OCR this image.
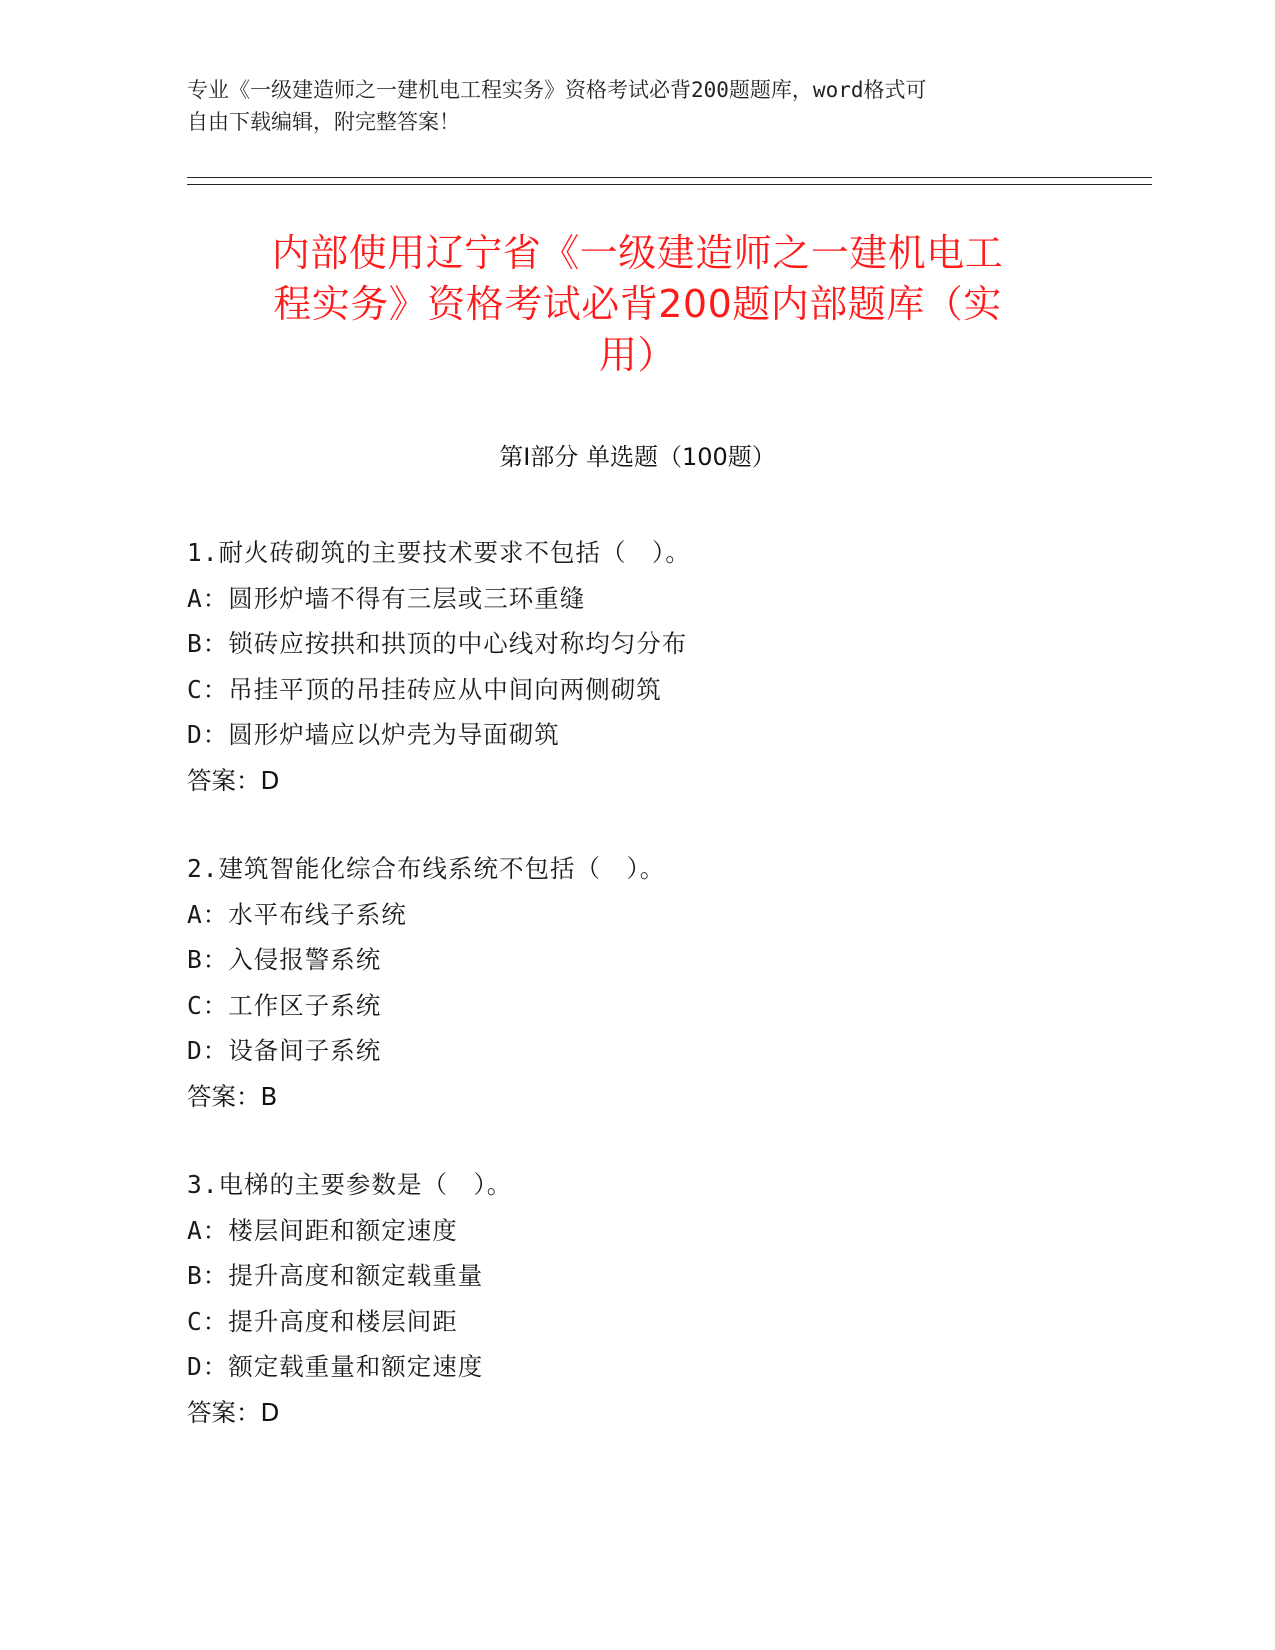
专业《一级建造师之一建机电工程实务》资格考试必背200题题库，word格式可
自由下载编辑，附完整答案！
内部使用辽宁省《一级建造师之一建机电工
程实务》资格考试必背200题内部题库（实
用）
第Ⅰ部分 单选题（100题）
1.耐火砖砌筑的主要技术要求不包括（　）。
A：圆形炉墙不得有三层或三环重缝
B：锁砖应按拱和拱顶的中心线对称均匀分布
C：吊挂平顶的吊挂砖应从中间向两侧砌筑
D：圆形炉墙应以炉壳为导面砌筑
答案：D
2.建筑智能化综合布线系统不包括（　）。
A：水平布线子系统
B：入侵报警系统
C：工作区子系统
D：设备间子系统
答案：B
3.电梯的主要参数是（　）。
A：楼层间距和额定速度
B：提升高度和额定载重量
C：提升高度和楼层间距
D：额定载重量和额定速度
答案：D
